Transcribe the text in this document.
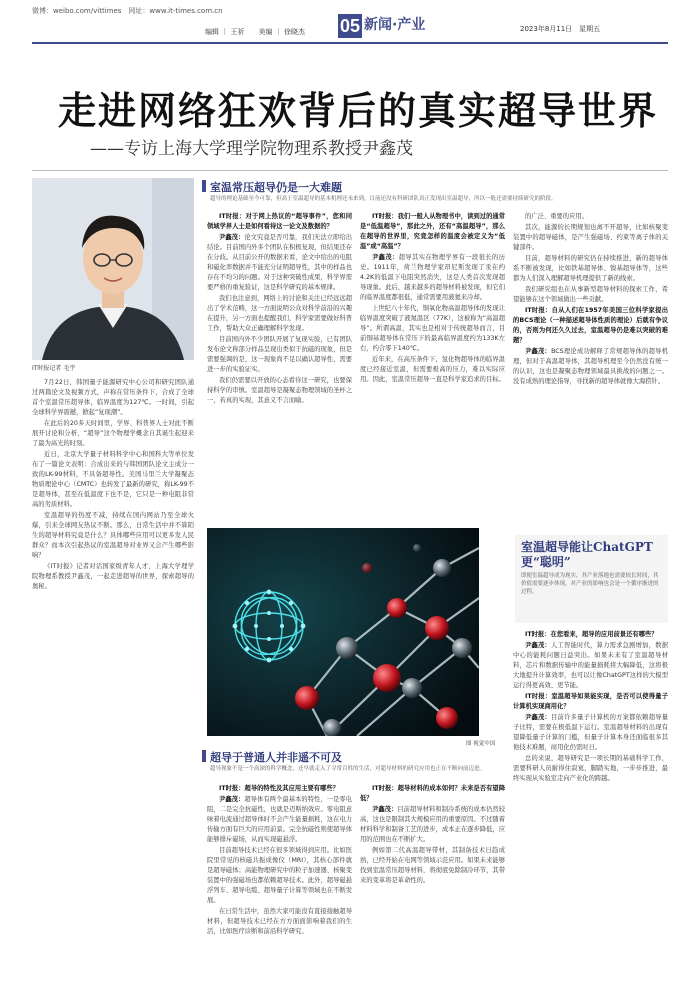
微博：weibo.com/vittimes　网址：www.it-times.com.cn
编辑 ｜ 王祈　　美编 ｜ 徐晓杰 05 新闻·产业	2023年8月11日　星期五
走进网络狂欢背后的真实超导世界
——专访上海大学理学院物理系教授尹鑫茂
IT时报记者 毛宇

7月22日，韩国量子能源研究中心公司和研究团队通过两篇论文及视频方式，声称在常压条件下，合成了全球首个室温常压超导体，临界温度为127℃。一时间，引起全球科学界震撼，掀起“复现潮”。

在此后的20多天时间里，学界、科普界人士对此不断展开讨论和分析，“超导”这个物理学概念自其诞生起迎来了最为高光的时刻。

近日，北京大学量子材料科学中心和国科大等单位发布了一篇论文表明：合成出来的与韩国团队论文主成分一致的LK-99材料，不具备超导性。美国马里兰大学凝聚态物质理论中心（CMTC）也转发了最新的研究，称LK-99不是超导体，甚至在低温度下也不是，它只是一种电阻非常高的劣质材料。

室温超导的热度不减，持续在国内网站乃至全球火爆，引来全球网友热议不断。那么，日常生活中并不算陌生的超导材料究竟是什么？具体哪些应用可以更多发人民群众？而本次引起热议的室温超导对业界又会产生哪些影响？

《IT时报》记者对话国家级青年人才、上海大学理学院物理系教授尹鑫茂，一起走进超导的世界，探索超导的奥秘。

室温常压超导仍是一大难题
超导的理论基础至今可靠，但高于室温超导的基本机理还未来到，目前还没有科研团队真正发现出室温超导，所以一般还需要持续研究的阶段。

IT时报：对于网上热议的“超导事件”，您和同领域学界人士是如何看待这一论文及数据的？

尹鑫茂：论文究竟是否可靠，我们无法立即给出结论。目前国内外多个团队在积极复现，但结果还存在分歧。从目前公开的数据来看，论文中给出的电阻和磁化率数据并不能充分证明超导性，其中的样品也存在不均匀的问题。对于这种突破性成果，科学界需要严格的重复验证，这是科学研究的基本规律。

我们也注意到，网络上的讨论和关注已经远远超出了学术范畴，这一方面说明公众对科学前沿的兴趣在提升，另一方面也提醒我们，科学家需要做好科普工作，帮助大众正确理解科学发现。

目前国内外不少团队开展了复现实验，已有团队发布论文称部分样品呈现出类似于抗磁的现象，但是需要强调的是，这一现象尚不足以确认超导性，需要进一步的实验证实。

我们仍需要以开放的心态看待这一研究，也要保持科学的审慎。室温超导是凝聚态物理领域的圣杯之一，若真的实现，其意义不言而喻。

IT时报：我们一般人从物理书中，读到过的通常是“低温超导”，那此之外，还有“高温超导”，那么在超导的世界里，究竟怎样的温度会被定义为“低温”或“高温”？

尹鑫茂：超导其实在物理学界有一段很长的历史。1911年，荷兰物理学家昂尼斯发现了汞在约4.2K的低温下电阻突然消失，这是人类首次发现超导现象。此后，越来越多的超导材料被发现，但它们的临界温度都很低，通常需要用液氦来冷却。

上世纪八十年代，铜氧化物高温超导体的发现让临界温度突破了液氮温区（77K），这被称为“高温超导”。所谓高温，其实也是相对于传统超导而言，目前铜基超导体在常压下的最高临界温度约为133K左右，约合零下140℃。

近年来，在高压条件下，氢化物超导体的临界温度已经接近室温，但需要极高的压力，难以实际应用。因此，室温常压超导一直是科学家追求的目标。

的广泛、重要的应用。

其次，能源的长期规划也离不开超导，比如核聚变装置中的超导磁体，是产生强磁场、约束等离子体的关键部件。

目前，超导材料的研究仍在持续推进，新的超导体系不断被发现，比如铁基超导体、镍基超导体等，这些都为人们深入理解超导机理提供了新的线索。

我们研究组也在从事新型超导材料的探索工作，希望能够在这个领域做出一些贡献。

IT时报：自从人们在1957年美国三位科学家提出的BCS理论（一种描述超导体性质的理论）后就有争议的，否则为何还久久过去，室温超导仍是难以突破的难题？

尹鑫茂：BCS理论成功解释了常规超导体的超导机理，但对于高温超导体，其超导机理至今仍然没有统一的认识，这也是凝聚态物理领域最具挑战的问题之一。没有成熟的理论指导，寻找新的超导体就像大海捞针。

图 视觉中国
室温超导能让ChatGPT更“聪明”
即便室温超导成为现实，其产业落地也需要较长时间，其价值需要逐步体现，对产业的影响也会是一个循序渐进的过程。

IT时报：在您看来，超导的应用前景还有哪些？

尹鑫茂：人工智能时代，算力需求急剧增加，数据中心的能耗问题日益突出。如果未来有了室温超导材料，芯片和数据传输中的能量损耗将大幅降低，这将极大地提升计算效率，也可以让像ChatGPT这样的大模型运行得更高效、更节能。

IT时报：室温超导如果能实现，是否可以使得量子计算机实现商用化？

尹鑫茂：目前许多量子计算机的方案都依赖超导量子比特，需要在极低温下运行。室温超导材料的出现有望降低量子计算的门槛，但量子计算本身还面临很多其他技术难题，商用化仍需时日。

总的来说，超导研究是一项长期的基础科学工作，需要科研人员耐得住寂寞，脚踏实地，一步步推进，最终实现从实验室走向产业化的跨越。

超导于普通人并非遥不可及
超导现象不是一个高深的科学概念，还早就走入了寻常百姓的生活，对超导材料的研究应用也正在不断向前迈进。

IT时报：超导的特性及其应用主要有哪些？

尹鑫茂：超导体有两个最基本的特性，一是零电阻，二是完全抗磁性，也就是迈斯纳效应。零电阻意味着电流通过超导体时不会产生能量损耗，这在电力传输方面有巨大的应用前景。完全抗磁性则使超导体能够排斥磁场，从而实现磁悬浮。

目前超导技术已经在很多领域得到应用。比如医院里常见的核磁共振成像仪（MRI），其核心部件就是超导磁体；高能物理研究中的粒子加速器、核聚变装置中的强磁场也都依赖超导技术。此外，超导磁悬浮列车、超导电缆、超导量子计算等领域也在不断发展。

在日常生活中，虽然大家可能没有直接接触超导材料，但超导技术已经在方方面面影响着我们的生活，比如医疗诊断和前沿科学研究。

IT时报：超导材料的成本如何？未来是否有望降低？

尹鑫茂：目前超导材料和制冷系统的成本仍然较高，这也是限制其大规模应用的重要原因。不过随着材料科学和制备工艺的进步，成本正在逐步降低，应用的范围也在不断扩大。

例如第二代高温超导带材，其制备技术日趋成熟，已经开始在电网等领域示范应用。如果未来能够找到室温常压超导材料，将彻底免除制冷环节，其带来的变革将是革命性的。
